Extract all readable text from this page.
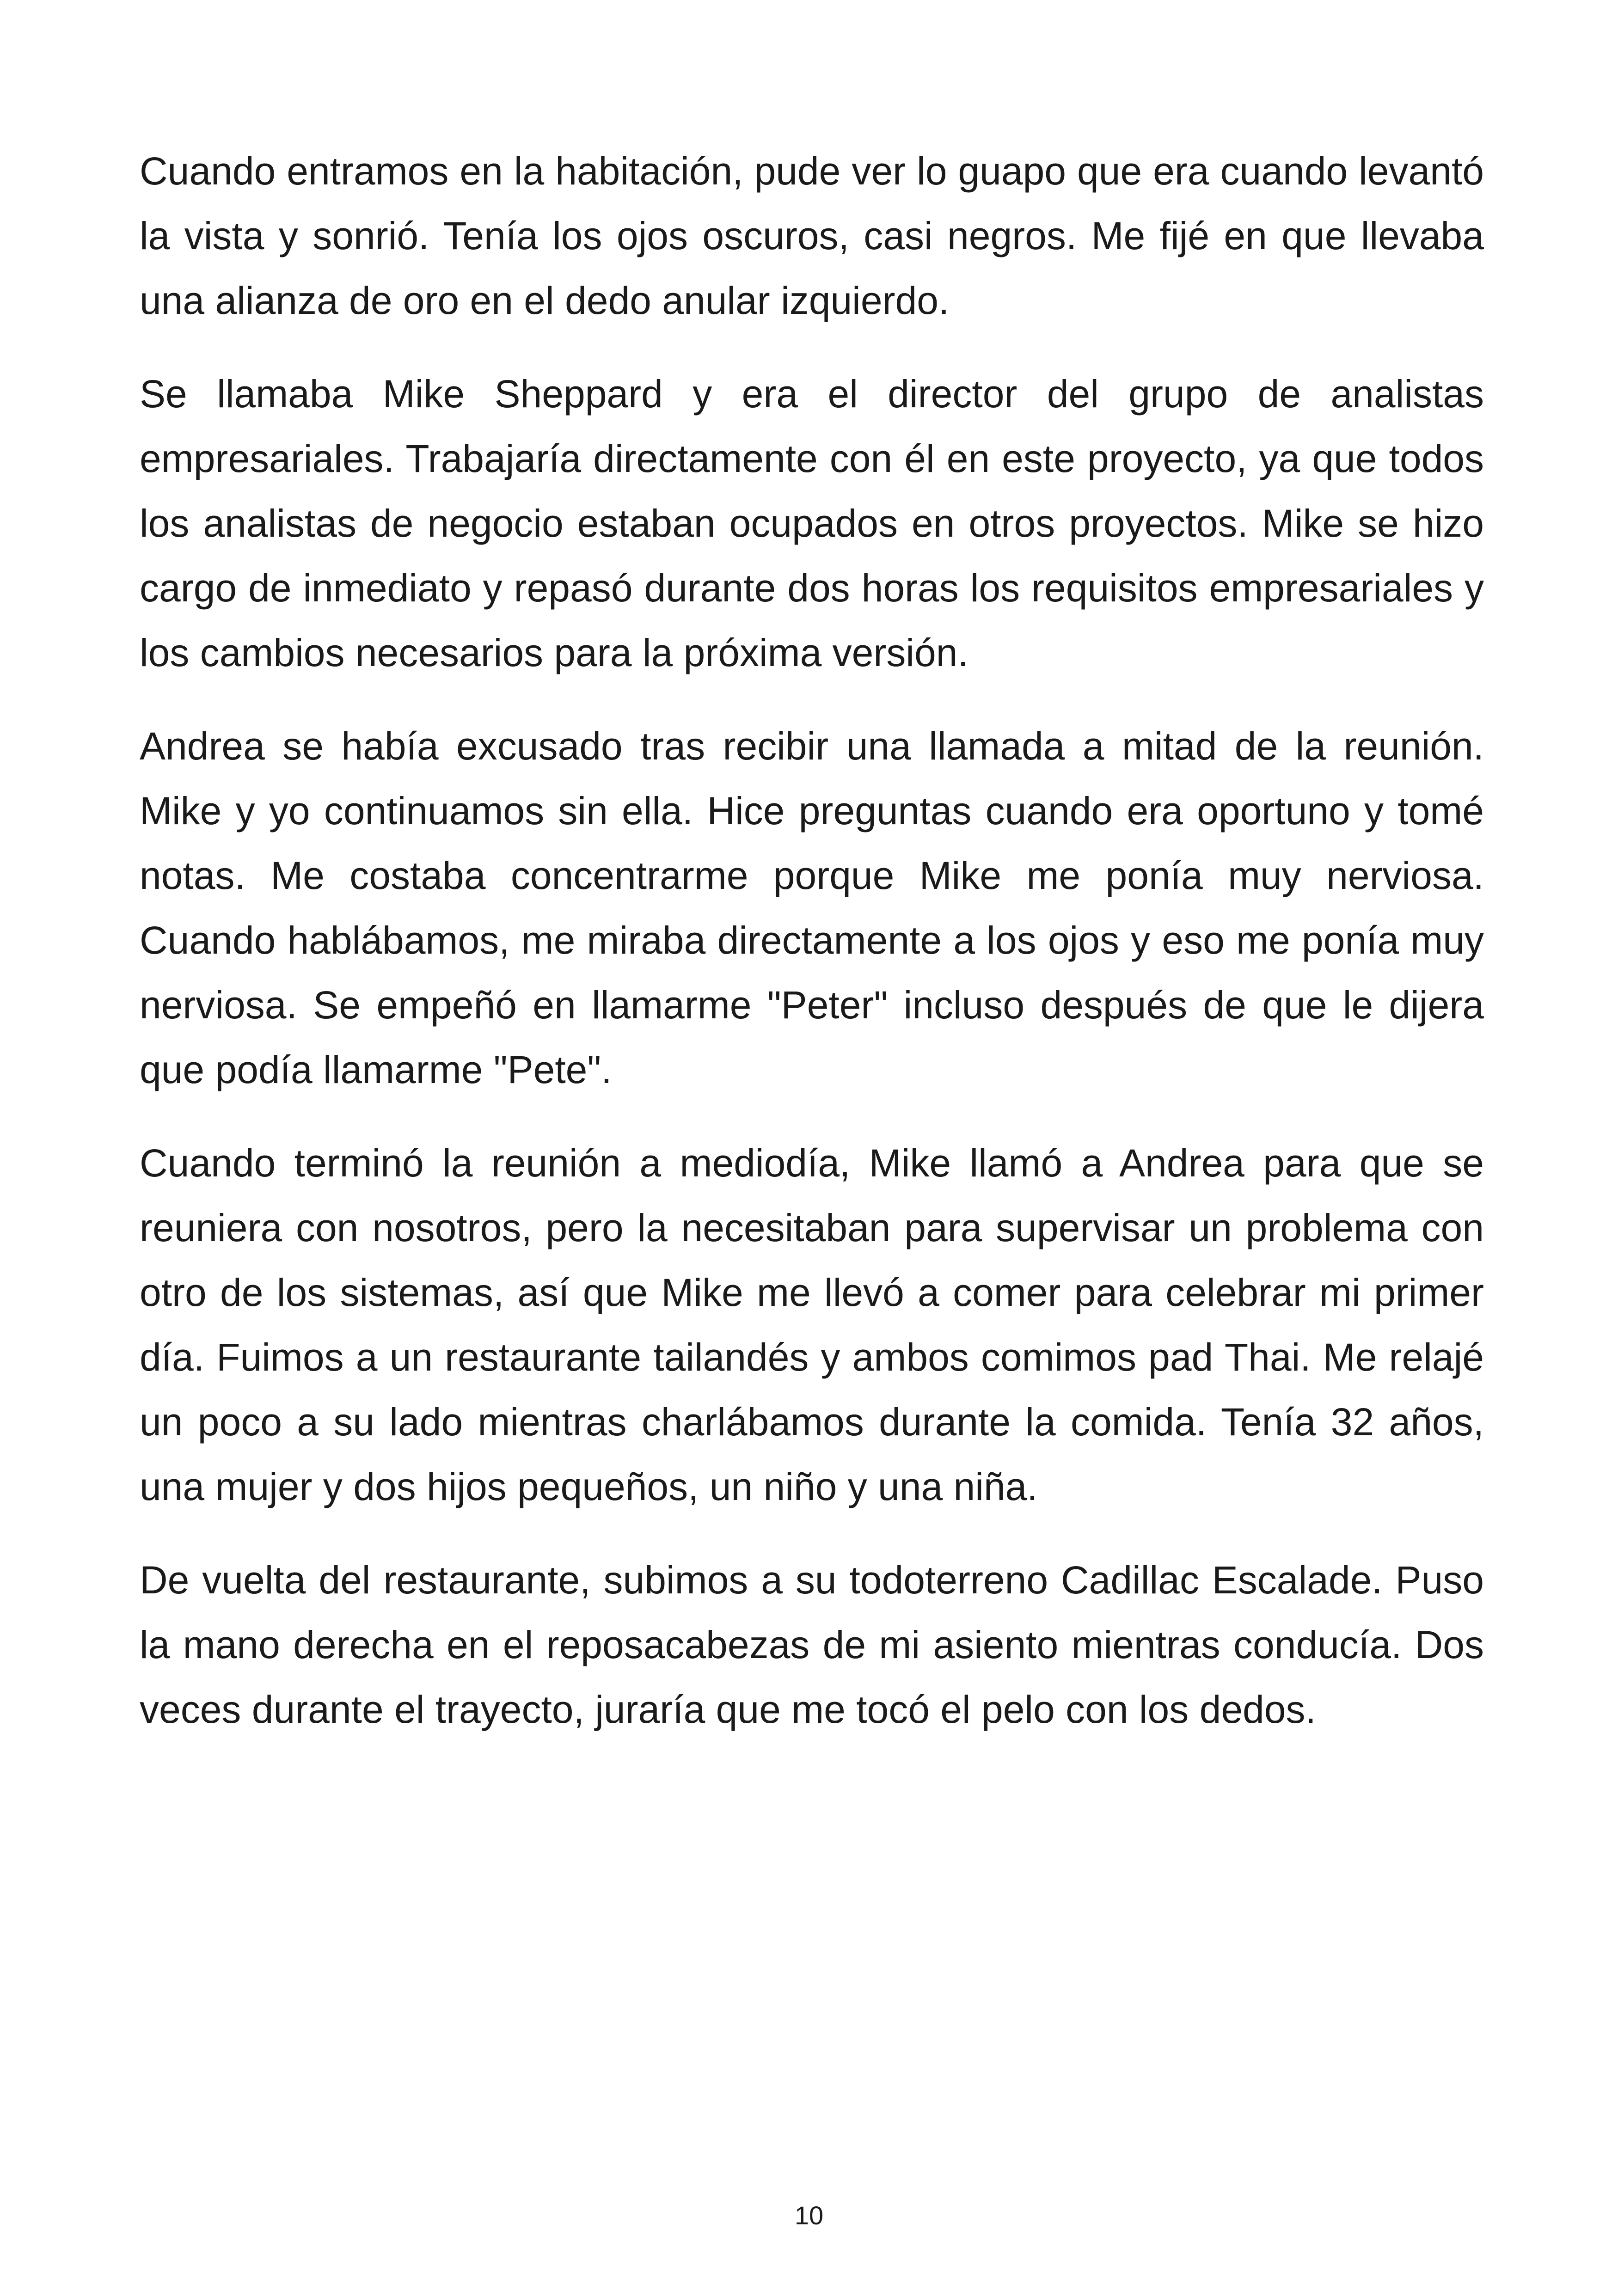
Cuando entramos en la habitación, pude ver lo guapo que era cuando levantó la vista y sonrió. Tenía los ojos oscuros, casi negros. Me fijé en que llevaba una alianza de oro en el dedo anular izquierdo.

Se llamaba Mike Sheppard y era el director del grupo de analistas empresariales. Trabajaría directamente con él en este proyecto, ya que todos los analistas de negocio estaban ocupados en otros proyectos. Mike se hizo cargo de inmediato y repasó durante dos horas los requisitos empresariales y los cambios necesarios para la próxima versión.

Andrea se había excusado tras recibir una llamada a mitad de la reunión. Mike y yo continuamos sin ella. Hice preguntas cuando era oportuno y tomé notas. Me costaba concentrarme porque Mike me ponía muy nerviosa. Cuando hablábamos, me miraba directamente a los ojos y eso me ponía muy nerviosa. Se empeñó en llamarme "Peter" incluso después de que le dijera que podía llamarme "Pete".

Cuando terminó la reunión a mediodía, Mike llamó a Andrea para que se reuniera con nosotros, pero la necesitaban para supervisar un problema con otro de los sistemas, así que Mike me llevó a comer para celebrar mi primer día. Fuimos a un restaurante tailandés y ambos comimos pad Thai. Me relajé un poco a su lado mientras charlábamos durante la comida. Tenía 32 años, una mujer y dos hijos pequeños, un niño y una niña.

De vuelta del restaurante, subimos a su todoterreno Cadillac Escalade. Puso la mano derecha en el reposacabezas de mi asiento mientras conducía. Dos veces durante el trayecto, juraría que me tocó el pelo con los dedos.

10
